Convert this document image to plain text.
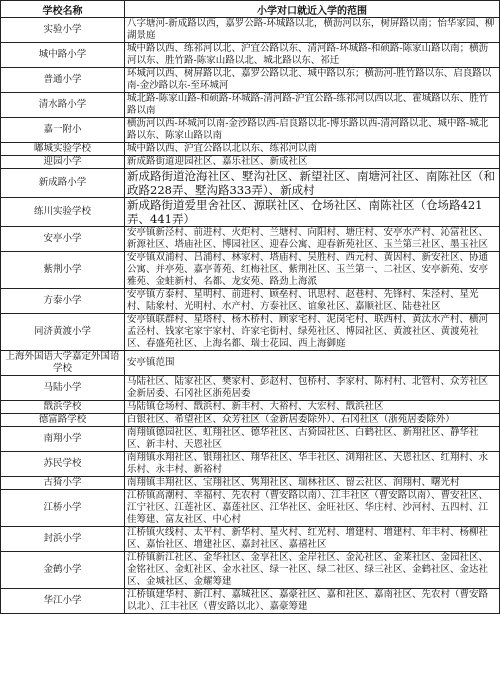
学校名称	小学对口就近入学的范围
实验小学	八字塘河-新成路以西，嘉罗公路-环城路以北，横沥河以东，树屏路以南；怡华家园、柳湖景庭
城中路小学	城中路以西、练祁河以北、沪宜公路以东、清河路-环城路-和硕路-陈家山路以南；横沥河以东、胜竹路-陈家山路以北、城北路以东、祁迁
普通小学	环城河以西、树屏路以北、嘉罗公路以北、城中路以东；横沥河-胜竹路以东、启良路以南-金沙路以东-至环城河
清水路小学	城北路-陈家山路-和硕路-环城路-清河路-沪宜公路-练祁河以西以北、霍城路以东、胜竹路以南
嘉一附小	横沥河以西-环城河以南-金沙路以西-启良路以北-博乐路以西-清河路以北、城中路-城北路以东、陈家山路以南
嘟城实验学校	城中路以西、沪宜公路以北以东、练祁河以南
迎园小学	新成路街道迎园社区、嘉乐社区、新成社区
新成路小学	新成路街道沧海社区、墅沟社区、新望社区、南塘河社区、南陈社区（和政路228弄、墅沟路333弄）、新成村
练川实验学校	新成路街道爱里舍社区、源联社区、仓场社区、南陈社区（仓场路421弄、441弄）
安亭小学	安亭镇新泾村、前进村、火炬村、兰塘村、向阳村、塘庄村、安亭水产村、沁富社区、新源社区、塔庙社区、博园社区、迎春公寓、迎春新苑社区、玉兰第三社区、墨玉社区
紫荆小学	安亭镇双浦村、吕浦村、林家村、塔庙村、吴胜村、西元村、黄因村、新安社区、协通公寓、并亭苑、嘉亭菁苑、红梅社区、紫荆社区、玉兰第一、二社区、安亭新苑、安亭雅苑、金蛙新村、名都、龙安苑、路劲上海派
方泰小学	安亭镇方泰村、星明村、前进村、顾垒村、讯思村、赵巷村、先锋村、朱泾村、星光村、陆象村、光明村、水产村、方泰社区、谊象社区、嘉顺社区、陆巷社区
同济黄渡小学	安亭镇联群村、星塔村、杨木桥村、顾家宅村、泥岗宅村、联西村、黄汰水产村、横河孟泾村、钱家宅家宇家村、许家宅街村、绿苑社区、博园社区、黄渡社区、黄渡苑社区、春盛苑社区、上海名都、瑞士花园、西上海御庭
上海外国语大学嘉定外国语学校	安亭镇范围
马陆小学	马陆社区、陆家社区、樊家村、彭赵村、包桥村、李家村、陈村村、北管村、众芳社区金新居委、石冈社区浙苑居委
戬浜学校	马陆镇仓场村、戬浜村、新丰村、大裕村、大宏村、戬浜社区
德富路学校	白银社区、希望社区、众芳社区（金新居委除外）、石冈社区（浙苑居委除外）
南翔小学	南翔镇德园社区、虹翔社区、德华社区、古猗园社区、白鹤社区、新翔社区、静华社区、新丰村、天恩社区
苏民学校	南翔镇永翔社区、银翔社区、翔华社区、华丰社区、浏翔社区、天恩社区、红翔村、永乐村、永丰村、新裕村
古猗小学	南翔镇丰翔社区、宝翔社区、隽翔社区、瑞林社区、留云社区、润翔村、曙光村
江桥小学	江桥镇高潮村、幸福村、先农村（曹安路以南）、江丰社区（曹安路以南）、曹安社区、江宁社区、江莲社区、嘉莲社区、江华社区、金旺社区、华庄村、沙河村、五四村、江佳筹建、富友社区、中心村
封浜小学	江桥镇火线村、太平村、新华村、星火村、红光村、增建村、增建村、年丰村、杨柳社区、嘉怡社区、增建社区、嘉封社区、嘉禧社区
金鹤小学	江桥镇新江社区、金华社区、金享社区、金岸社区、金沁社区、金莱社区、金园社区、金铭社区、金虹社区、金水社区、绿一社区、绿二社区、绿三社区、金鹤社区、金达社区、金城社区、金耀筹建
华江小学	江桥镇建华村、新江村、嘉城社区、嘉豪社区、嘉和社区、嘉南社区、先农村（曹安路以北）、江丰社区（曹安路以北）、嘉豪筹建
